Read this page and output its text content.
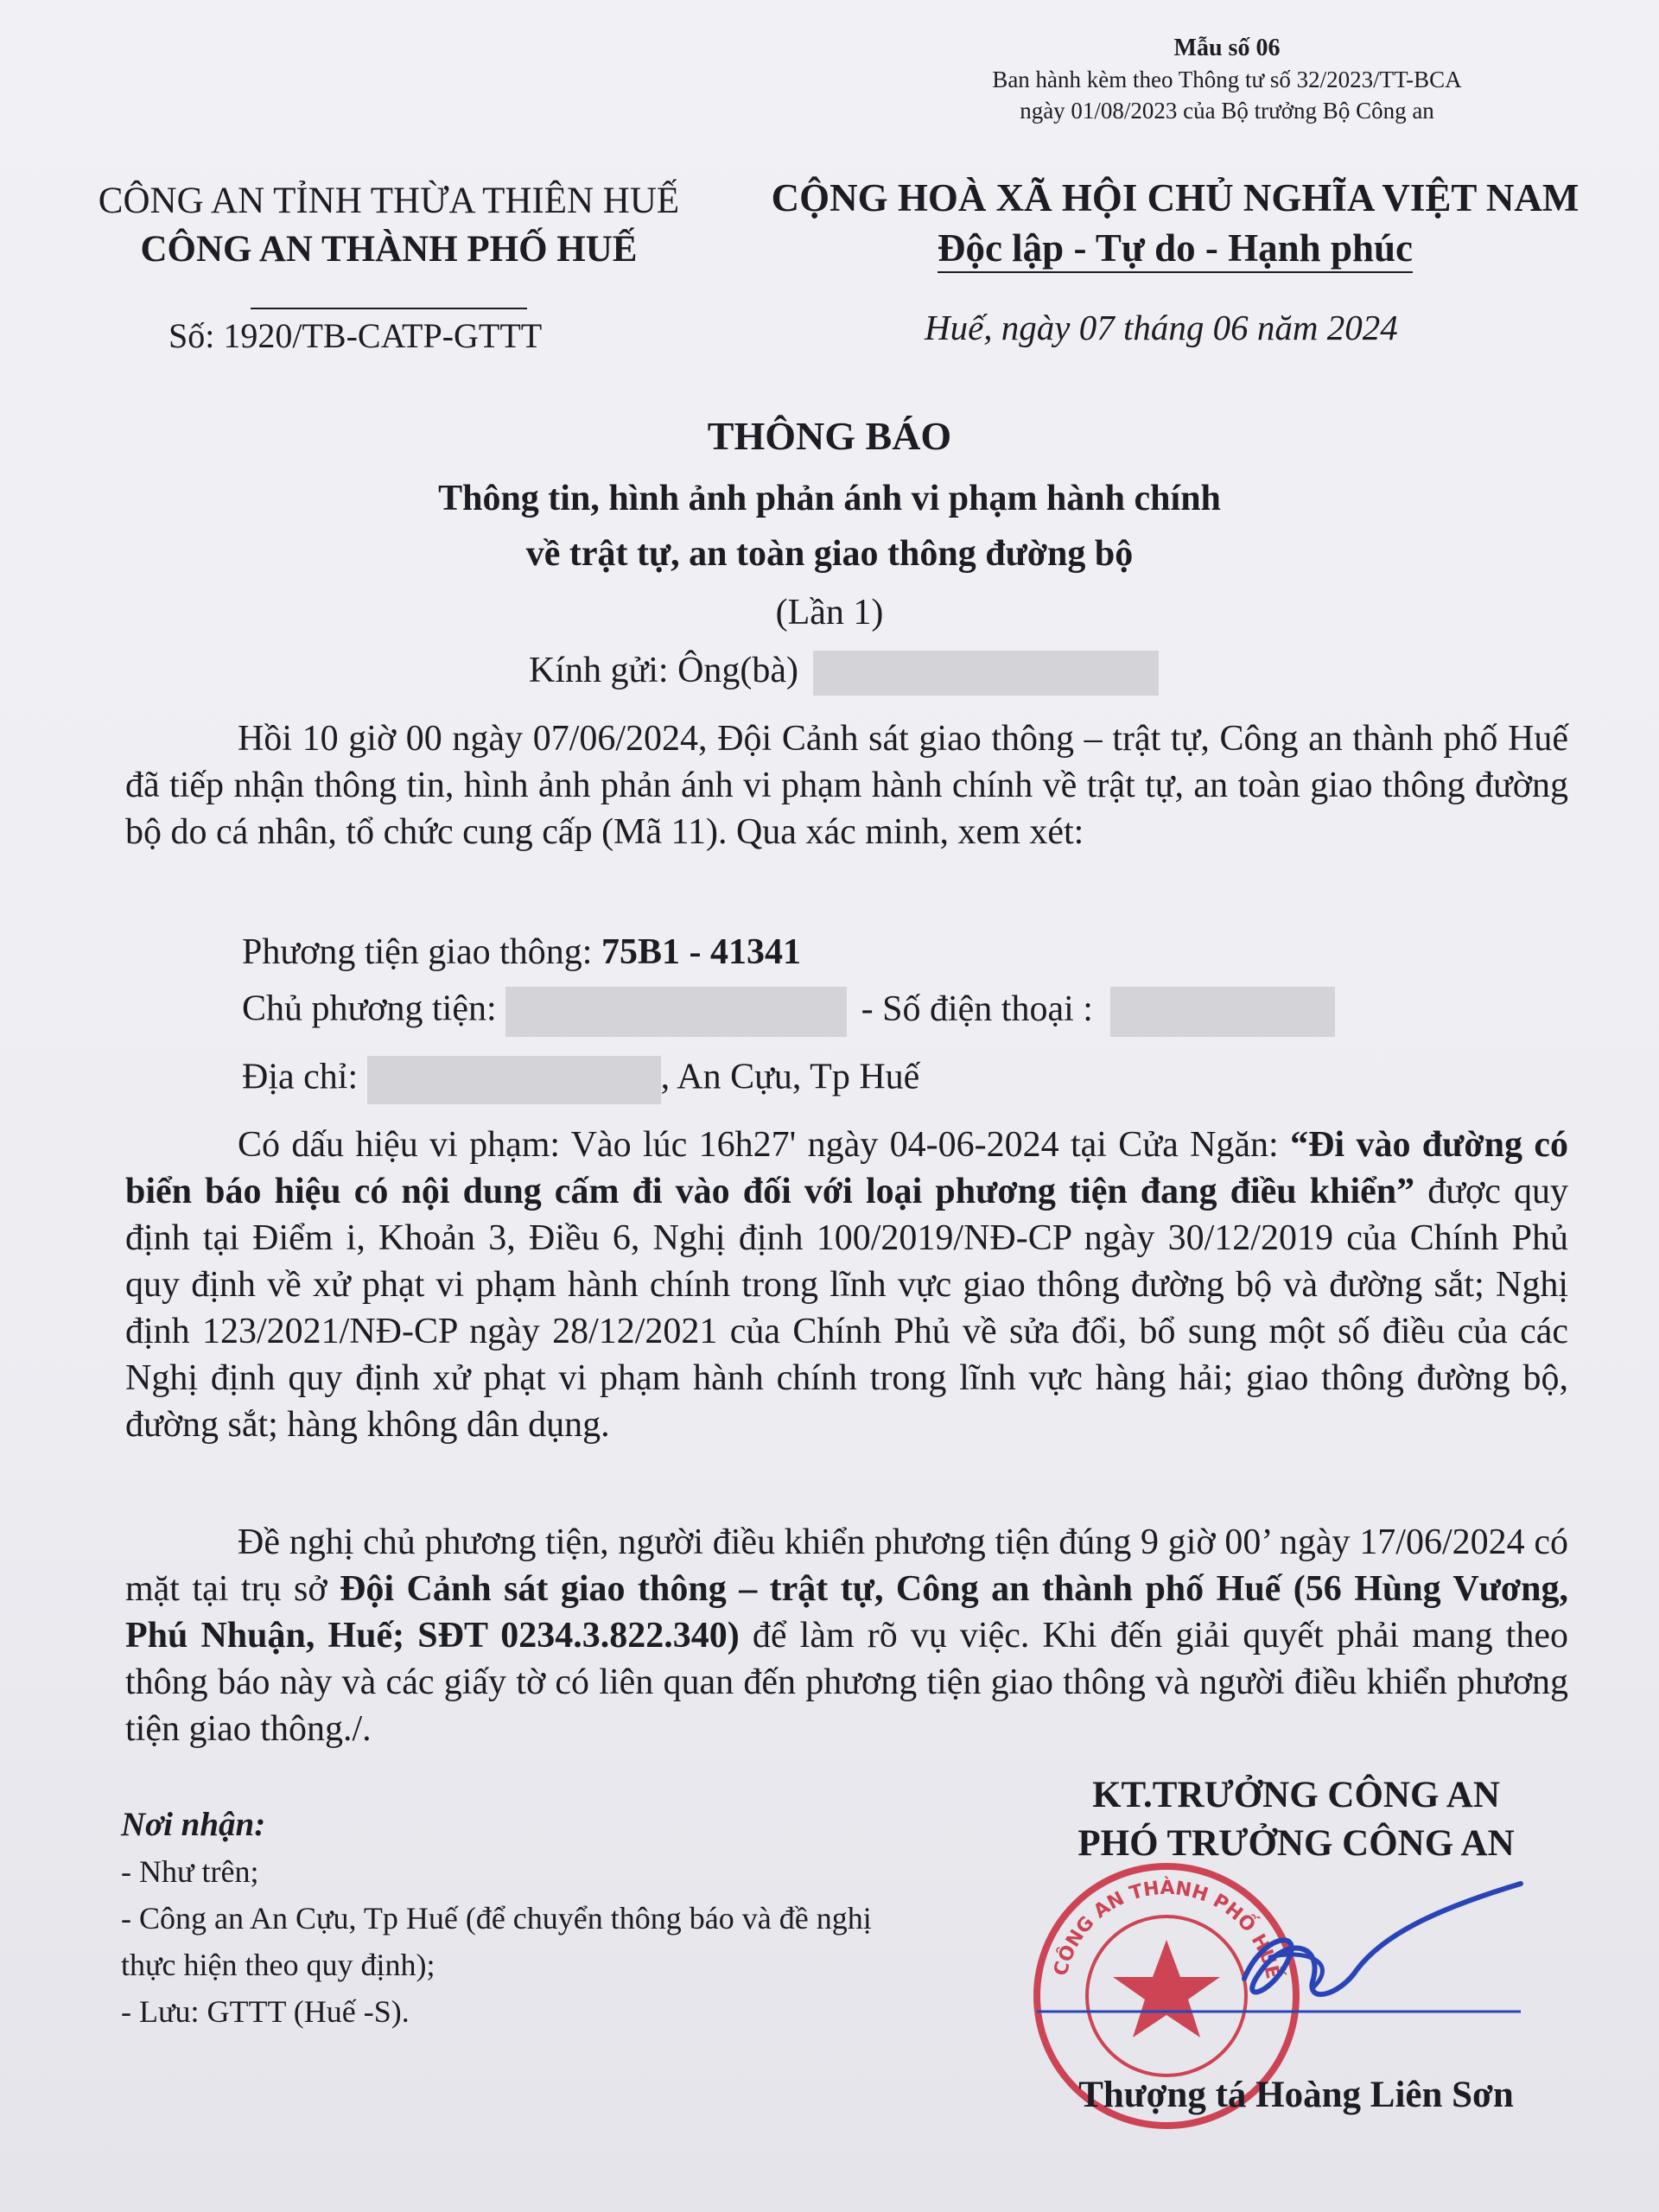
Mẫu số 06
Ban hành kèm theo Thông tư số 32/2023/TT-BCA
ngày 01/08/2023 của Bộ trưởng Bộ Công an
CÔNG AN TỈNH THỪA THIÊN HUẾ
CÔNG AN THÀNH PHỐ HUẾ
CỘNG HOÀ XÃ HỘI CHỦ NGHĨA VIỆT NAM
Độc lập - Tự do - Hạnh phúc
Số: 1920/TB-CATP-GTTT	Huế, ngày 07 tháng 06 năm 2024
THÔNG BÁO
Thông tin, hình ảnh phản ánh vi phạm hành chính
về trật tự, an toàn giao thông đường bộ
(Lần 1)
Kính gửi: Ông(bà)
Hồi 10 giờ 00 ngày 07/06/2024, Đội Cảnh sát giao thông – trật tự, Công an thành phố Huế đã tiếp nhận thông tin, hình ảnh phản ánh vi phạm hành chính về trật tự, an toàn giao thông đường bộ do cá nhân, tổ chức cung cấp (Mã 11). Qua xác minh, xem xét:
Phương tiện giao thông: 75B1 - 41341
Chủ phương tiện:	- Số điện thoại :
Địa chỉ:	, An Cựu, Tp Huế
Có dấu hiệu vi phạm: Vào lúc 16h27' ngày 04-06-2024 tại Cửa Ngăn: “Đi vào đường có biển báo hiệu có nội dung cấm đi vào đối với loại phương tiện đang điều khiển” được quy định tại Điểm i, Khoản 3, Điều 6, Nghị định 100/2019/NĐ-CP ngày 30/12/2019 của Chính Phủ quy định về xử phạt vi phạm hành chính trong lĩnh vực giao thông đường bộ và đường sắt; Nghị định 123/2021/NĐ-CP ngày 28/12/2021 của Chính Phủ về sửa đổi, bổ sung một số điều của các Nghị định quy định xử phạt vi phạm hành chính trong lĩnh vực hàng hải; giao thông đường bộ, đường sắt; hàng không dân dụng.
Đề nghị chủ phương tiện, người điều khiển phương tiện đúng 9 giờ 00’ ngày 17/06/2024 có mặt tại trụ sở Đội Cảnh sát giao thông – trật tự, Công an thành phố Huế (56 Hùng Vương, Phú Nhuận, Huế; SĐT 0234.3.822.340) để làm rõ vụ việc. Khi đến giải quyết phải mang theo thông báo này và các giấy tờ có liên quan đến phương tiện giao thông và người điều khiển phương tiện giao thông./.
Nơi nhận:
- Như trên;
- Công an An Cựu, Tp Huế (để chuyển thông báo và đề nghị thực hiện theo quy định);
- Lưu: GTTT (Huế -S).
CÔNG AN THÀNH PHỐ HUẾ
KT.TRƯỞNG CÔNG AN
PHÓ TRƯỞNG CÔNG AN
Thượng tá Hoàng Liên Sơn
